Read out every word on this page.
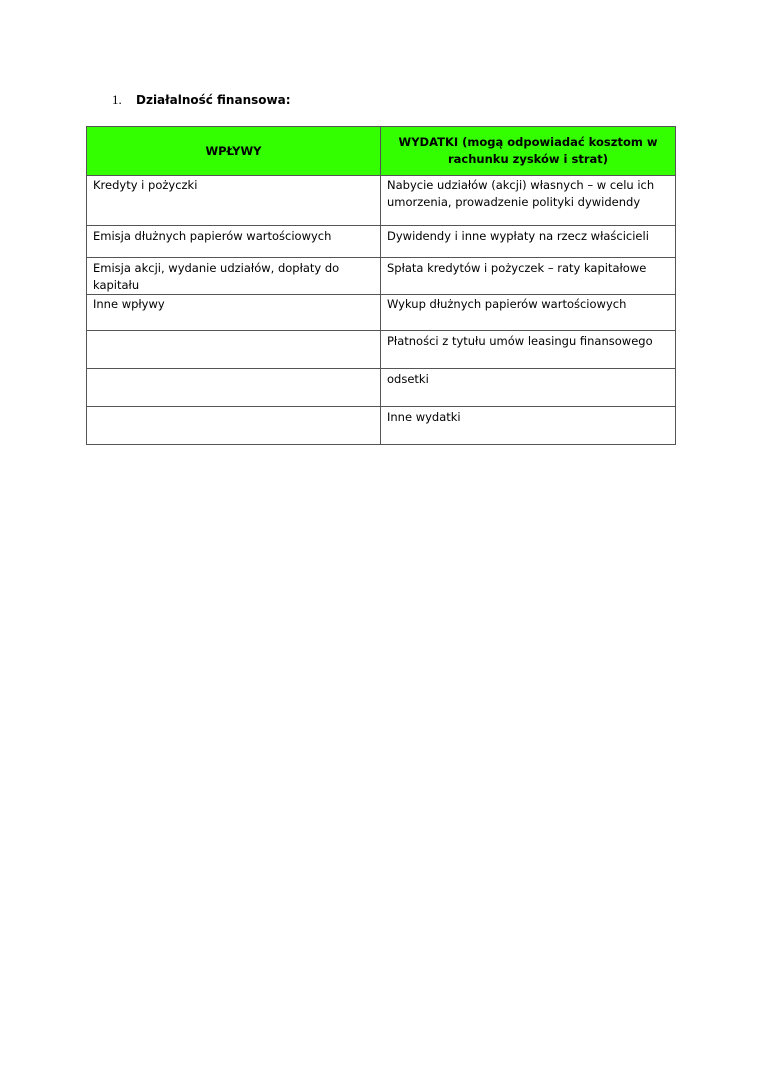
1. Działalność finansowa:
WPŁYWY	WYDATKI (mogą odpowiadać kosztom w rachunku zysków i strat)
Kredyty i pożyczki	Nabycie udziałów (akcji) własnych – w celu ich umorzenia, prowadzenie polityki dywidendy
Emisja dłużnych papierów wartościowych	Dywidendy i inne wypłaty na rzecz właścicieli
Emisja akcji, wydanie udziałów, dopłaty do kapitału	Spłata kredytów i pożyczek – raty kapitałowe
Inne wpływy	Wykup dłużnych papierów wartościowych
	Płatności z tytułu umów leasingu finansowego
	odsetki
	Inne wydatki
